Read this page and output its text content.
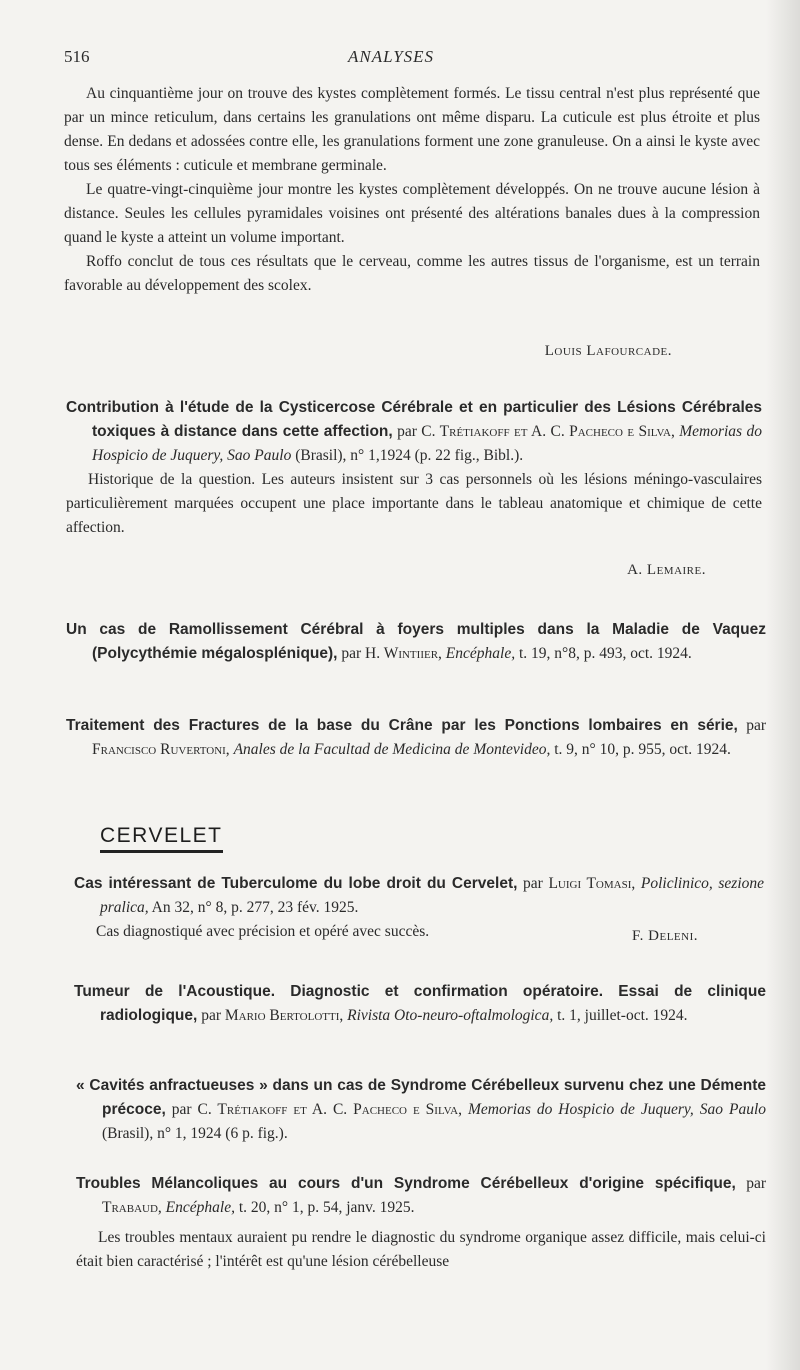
516	ANALYSES

Au cinquantième jour on trouve des kystes complètement formés. Le tissu central n'est plus représenté que par un mince reticulum, dans certains les granulations ont même disparu. La cuticule est plus étroite et plus dense. En dedans et adossées contre elle, les granulations forment une zone granuleuse. On a ainsi le kyste avec tous ses éléments : cuticule et membrane germinale.

Le quatre-vingt-cinquième jour montre les kystes complètement développés. On ne trouve aucune lésion à distance. Seules les cellules pyramidales voisines ont présenté des altérations banales dues à la compression quand le kyste a atteint un volume important.

Roffo conclut de tous ces résultats que le cerveau, comme les autres tissus de l'organisme, est un terrain favorable au développement des scolex.

Louis Lafourcade.

Contribution à l'étude de la Cysticercose Cérébrale et en particulier des Lésions Cérébrales toxiques à distance dans cette affection, par C. Trétiakoff et A. C. Pacheco e Silva, Memorias do Hospicio de Juquery, Sao Paulo (Brasil), n° 1,1924 (p. 22 fig., Bibl.).

Historique de la question. Les auteurs insistent sur 3 cas personnels où les lésions méningo-vasculaires particulièrement marquées occupent une place importante dans le tableau anatomique et chimique de cette affection.

A. Lemaire.

Un cas de Ramollissement Cérébral à foyers multiples dans la Maladie de Vaquez (Polycythémie mégalosplénique), par H. Wintiier, Encéphale, t. 19, n°8, p. 493, oct. 1924.

Traitement des Fractures de la base du Crâne par les Ponctions lombaires en série, par Francisco Ruvertoni, Anales de la Facultad de Medicina de Montevideo, t. 9, n° 10, p. 955, oct. 1924.

CERVELET

Cas intéressant de Tuberculome du lobe droit du Cervelet, par Luigi Tomasi, Policlinico, sezione pralica, An 32, n° 8, p. 277, 23 fév. 1925.

Cas diagnostiqué avec précision et opéré avec succès.	F. Deleni.

Tumeur de l'Acoustique. Diagnostic et confirmation opératoire. Essai de clinique radiologique, par Mario Bertolotti, Rivista Oto-neuro-oftalmologica, t. 1, juillet-oct. 1924.

« Cavités anfractueuses » dans un cas de Syndrome Cérébelleux survenu chez une Démente précoce, par C. Trétiakoff et A. C. Pacheco e Silva, Memorias do Hospicio de Juquery, Sao Paulo (Brasil), n° 1, 1924 (6 p. fig.).

Troubles Mélancoliques au cours d'un Syndrome Cérébelleux d'origine spécifique, par Trabaud, Encéphale, t. 20, n° 1, p. 54, janv. 1925.

Les troubles mentaux auraient pu rendre le diagnostic du syndrome organique assez difficile, mais celui-ci était bien caractérisé ; l'intérêt est qu'une lésion cérébelleuse
